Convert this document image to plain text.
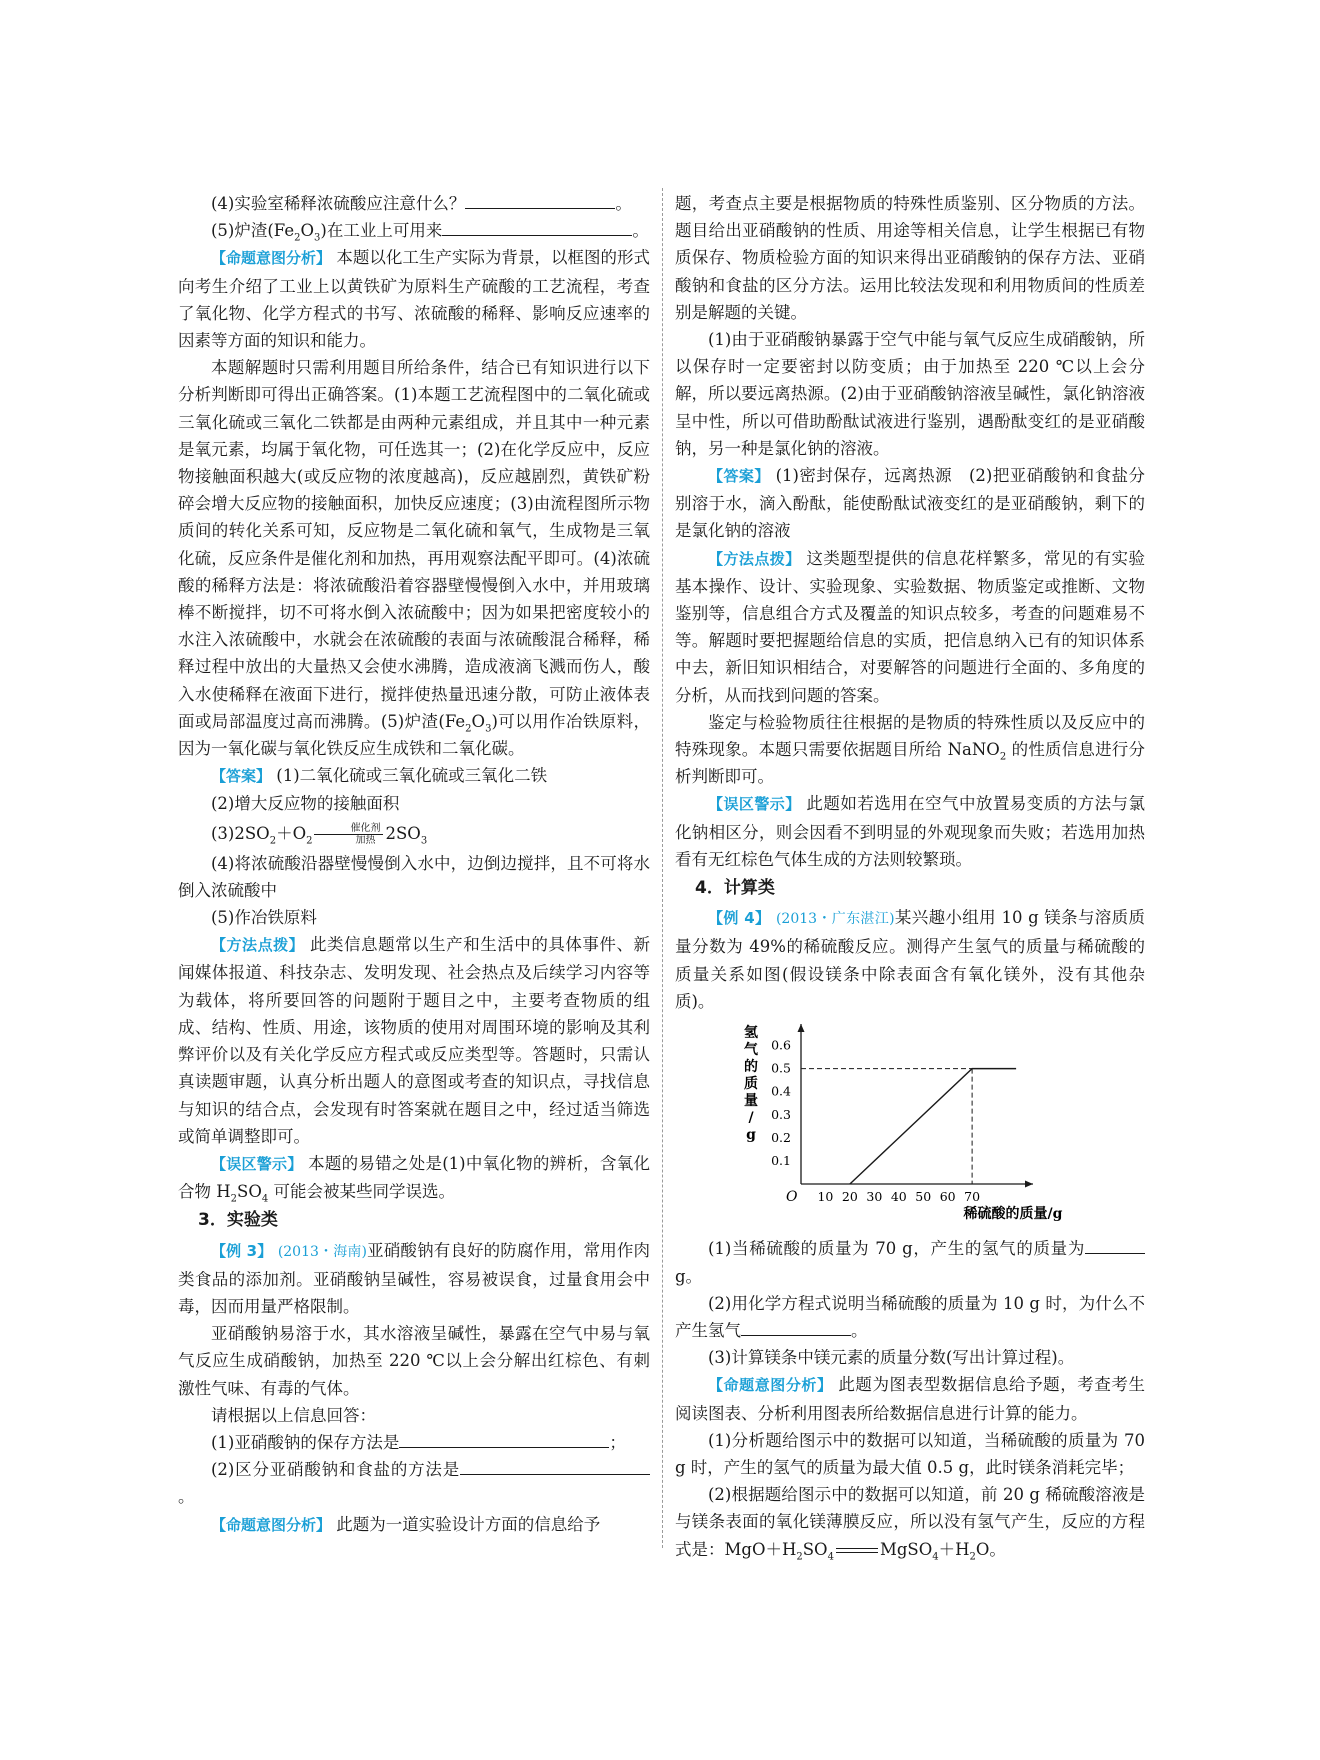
(4)实验室稀释浓硫酸应注意什么？	。

(5)炉渣$(Fe_2O_3)$在工业上可用来	。

【命题意图分析】 本题以化工生产实际为背景，以框图的形式向考生介绍了工业上以黄铁矿为原料生产硫酸的工艺流程，考查了氧化物、化学方程式的书写、浓硫酸的稀释、影响反应速率的因素等方面的知识和能力。

本题解题时只需利用题目所给条件，结合已有知识进行以下分析判断即可得出正确答案。(1)本题工艺流程图中的二氧化硫或三氧化硫或三氧化二铁都是由两种元素组成，并且其中一种元素是氧元素，均属于氧化物，可任选其一；(2)在化学反应中，反应物接触面积越大(或反应物的浓度越高)，反应越剧烈，黄铁矿粉碎会增大反应物的接触面积，加快反应速度；(3)由流程图所示物质间的转化关系可知，反应物是二氧化硫和氧气，生成物是三氧化硫，反应条件是催化剂和加热，再用观察法配平即可。(4)浓硫酸的稀释方法是：将浓硫酸沿着容器壁慢慢倒入水中，并用玻璃棒不断搅拌，切不可将水倒入浓硫酸中；因为如果把密度较小的水注入浓硫酸中，水就会在浓硫酸的表面与浓硫酸混合稀释，稀释过程中放出的大量热又会使水沸腾，造成液滴飞溅而伤人，酸入水使稀释在液面下进行，搅拌使热量迅速分散，可防止液体表面或局部温度过高而沸腾。(5)炉渣$(Fe_2O_3)$可以用作冶铁原料，因为一氧化碳与氧化铁反应生成铁和二氧化碳。

【答案】 (1)二氧化硫或三氧化硫或三氧化二铁

(2)增大反应物的接触面积

$(3)2SO_2+O_2 \frac{\text{催化剂}}{\text{加热}} 2SO_3$

(4)将浓硫酸沿器壁慢慢倒入水中，边倒边搅拌，且不可将水倒入浓硫酸中

(5)作冶铁原料

【方法点拨】 此类信息题常以生产和生活中的具体事件、新闻媒体报道、科技杂志、发明发现、社会热点及后续学习内容等为载体，将所要回答的问题附于题目之中，主要考查物质的组成、结构、性质、用途，该物质的使用对周围环境的影响及其利弊评价以及有关化学反应方程式或反应类型等。答题时，只需认真读题审题，认真分析出题人的意图或考查的知识点，寻找信息与知识的结合点，会发现有时答案就在题目之中，经过适当筛选或简单调整即可。

【误区警示】 本题的易错之处是(1)中氧化物的辨析，含氧化合物 $H_2SO_4$ 可能会被某些同学误选。

3．实验类

【例 3】 (2013・海南)亚硝酸钠有良好的防腐作用，常用作肉类食品的添加剂。亚硝酸钠呈碱性，容易被误食，过量食用会中毒，因而用量严格限制。

亚硝酸钠易溶于水，其水溶液呈碱性，暴露在空气中易与氧气反应生成硝酸钠，加热至 220 ℃以上会分解出红棕色、有刺激性气味、有毒的气体。

请根据以上信息回答：

(1)亚硝酸钠的保存方法是	；

(2)区分亚硝酸钠和食盐的方法是。

【命题意图分析】 此题为一道实验设计方面的信息给予

题，考查点主要是根据物质的特殊性质鉴别、区分物质的方法。题目给出亚硝酸钠的性质、用途等相关信息，让学生根据已有物质保存、物质检验方面的知识来得出亚硝酸钠的保存方法、亚硝酸钠和食盐的区分方法。运用比较法发现和利用物质间的性质差别是解题的关键。

(1)由于亚硝酸钠暴露于空气中能与氧气反应生成硝酸钠，所以保存时一定要密封以防变质；由于加热至 220 ℃以上会分解，所以要远离热源。(2)由于亚硝酸钠溶液呈碱性，氯化钠溶液呈中性，所以可借助酚酞试液进行鉴别，遇酚酞变红的是亚硝酸钠，另一种是氯化钠的溶液。

【答案】 (1)密封保存，远离热源　(2)把亚硝酸钠和食盐分别溶于水，滴入酚酞，能使酚酞试液变红的是亚硝酸钠，剩下的是氯化钠的溶液

【方法点拨】 这类题型提供的信息花样繁多，常见的有实验基本操作、设计、实验现象、实验数据、物质鉴定或推断、文物鉴别等，信息组合方式及覆盖的知识点较多，考查的问题难易不等。解题时要把握题给信息的实质，把信息纳入已有的知识体系中去，新旧知识相结合，对要解答的问题进行全面的、多角度的分析，从而找到问题的答案。

鉴定与检验物质往往根据的是物质的特殊性质以及反应中的特殊现象。本题只需要依据题目所给 NaNO$_2$ 的性质信息进行分析判断即可。

【误区警示】 此题如若选用在空气中放置易变质的方法与氯化钠相区分，则会因看不到明显的外观现象而失败；若选用加热看有无红棕色气体生成的方法则较繁琐。

4．计算类

【例 4】 (2013・广东湛江)某兴趣小组用 10 g 镁条与溶质质量分数为 49%的稀硫酸反应。测得产生氢气的质量与稀硫酸的质量关系如图(假设镁条中除表面含有氧化镁外，没有其他杂质)。

O 10 20 30 40 50 60 70
0.1
0.2
0.3
0.4
0.5
0.6
氢
气
的
质
量
/
g
稀硫酸的质量/g

(1)当稀硫酸的质量为 70 g，产生的氢气的质量为g。

(2)用化学方程式说明当稀硫酸的质量为 10 g 时，为什么不产生氢气	。

(3)计算镁条中镁元素的质量分数(写出计算过程)。

【命题意图分析】 此题为图表型数据信息给予题，考查考生阅读图表、分析利用图表所给数据信息进行计算的能力。

(1)分析题给图示中的数据可以知道，当稀硫酸的质量为 70 g 时，产生的氢气的质量为最大值 0.5 g，此时镁条消耗完毕；

(2)根据题给图示中的数据可以知道，前 20 g 稀硫酸溶液是与镁条表面的氧化镁薄膜反应，所以没有氢气产生，反应的方程式是：$MgO+H_2SO_4$	$MgSO_4+H_2O$。
